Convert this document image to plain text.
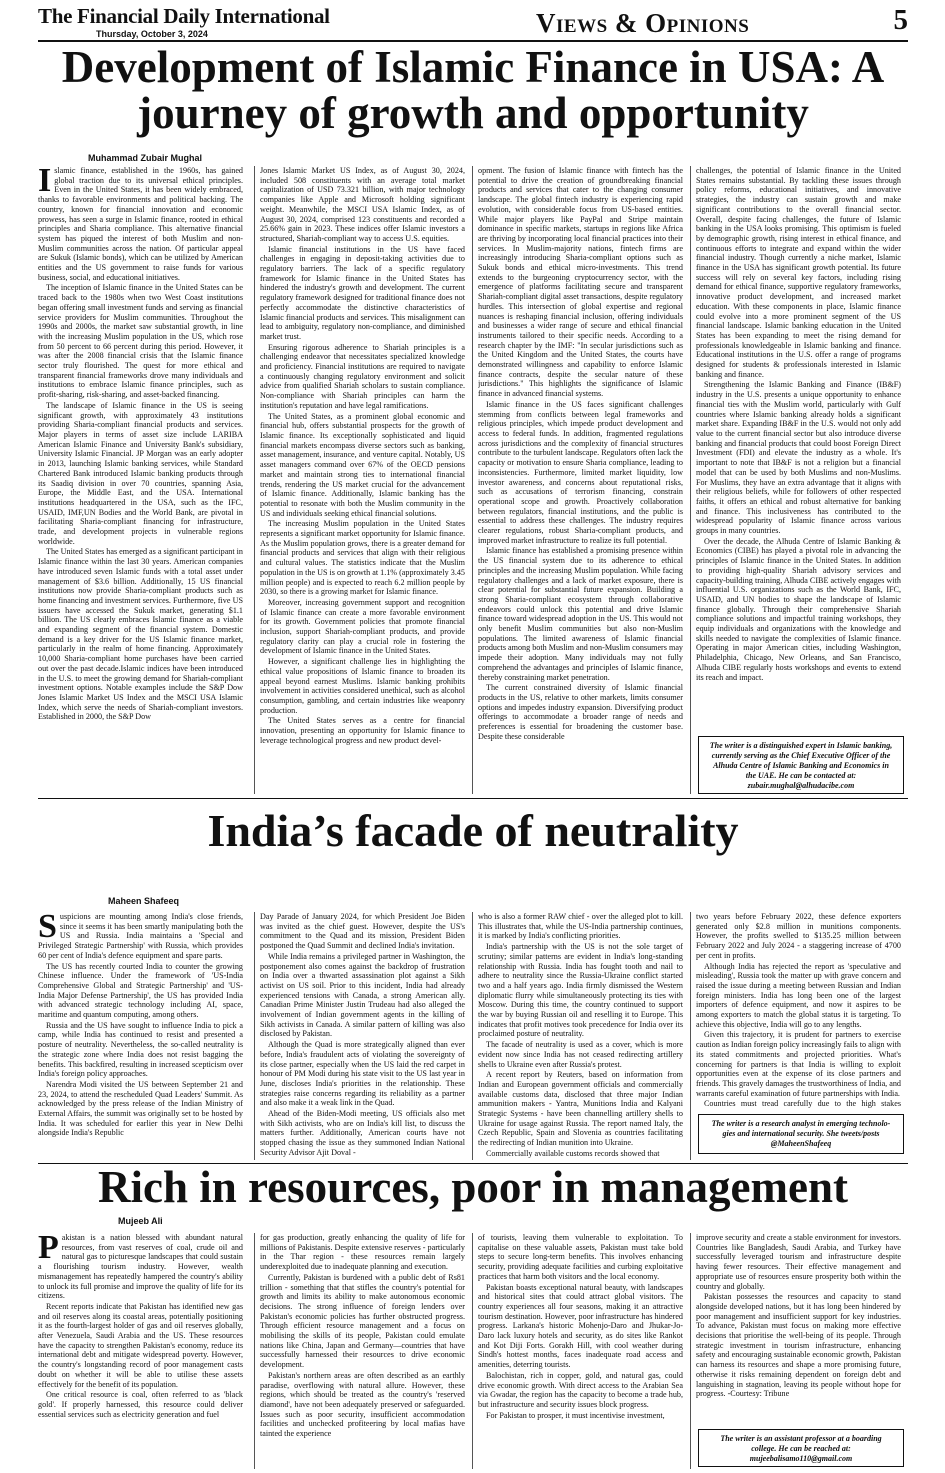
The Financial Daily International
Thursday, October 3, 2024	Views & Opinions	5
Development of Islamic Finance in USA: A
journey of growth and opportunity
Muhammad Zubair Mughal

Islamic finance, established in the 1960s, has gained global traction due to its universal ethical principles. Even in the United States, it has been widely embraced, thanks to favorable environments and political backing. The country, known for financial innovation and economic prowess, has seen a surge in Islamic finance, rooted in ethical principles and Sharia compliance. This alternative financial system has piqued the interest of both Muslim and non-Muslim communities across the nation. Of particular appeal are Sukuk (Islamic bonds), which can be utilized by American entities and the US government to raise funds for various business, social, and educational initiatives.

The inception of Islamic finance in the United States can be traced back to the 1980s when two West Coast institutions began offering small investment funds and serving as financial service providers for Muslim communities. Throughout the 1990s and 2000s, the market saw substantial growth, in line with the increasing Muslim population in the US, which rose from 50 percent to 66 percent during this period. However, it was after the 2008 financial crisis that the Islamic finance sector truly flourished. The quest for more ethical and transparent financial frameworks drove many individuals and institutions to embrace Islamic finance principles, such as profit-sharing, risk-sharing, and asset-backed financing.

The landscape of Islamic finance in the US is seeing significant growth, with approximately 43 institutions providing Sharia-compliant financial products and services. Major players in terms of asset size include LARIBA American Islamic Finance and University Bank's subsidiary, University Islamic Financial. JP Morgan was an early adopter in 2013, launching Islamic banking services, while Standard Chartered Bank introduced Islamic banking products through its Saadiq division in over 70 countries, spanning Asia, Europe, the Middle East, and the USA. International institutions headquartered in the USA, such as the IFC, USAID, IMF,UN Bodies and the World Bank, are pivotal in facilitating Sharia-compliant financing for infrastructure, trade, and development projects in vulnerable regions worldwide.

The United States has emerged as a significant participant in Islamic finance within the last 30 years. American companies have introduced seven Islamic funds with a total asset under management of $3.6 billion. Additionally, 15 US financial institutions now provide Sharia-compliant products such as home financing and investment services. Furthermore, five US issuers have accessed the Sukuk market, generating $1.1 billion. The US clearly embraces Islamic finance as a viable and expanding segment of the financial system. Domestic demand is a key driver for the US Islamic finance market, particularly in the realm of home financing. Approximately 10,000 Sharia-compliant home purchases have been carried out over the past decade.Islamic indices have been introduced in the U.S. to meet the growing demand for Shariah-compliant investment options. Notable examples include the S&P Dow Jones Islamic Market US Index and the MSCI USA Islamic Index, which serve the needs of Shariah-compliant investors. Established in 2000, the S&P Dow

Jones Islamic Market US Index, as of August 30, 2024, included 508 constituents with an average total market capitalization of USD 73.321 billion, with major technology companies like Apple and Microsoft holding significant weight. Meanwhile, the MSCI USA Islamic Index, as of August 30, 2024, comprised 123 constituents and recorded a 25.66% gain in 2023. These indices offer Islamic investors a structured, Shariah-compliant way to access U.S. equities.

Islamic financial institutions in the US have faced challenges in engaging in deposit-taking activities due to regulatory barriers. The lack of a specific regulatory framework for Islamic finance in the United States has hindered the industry's growth and development. The current regulatory framework designed for traditional finance does not perfectly accommodate the distinctive characteristics of Islamic financial products and services. This misalignment can lead to ambiguity, regulatory non-compliance, and diminished market trust.

Ensuring rigorous adherence to Shariah principles is a challenging endeavor that necessitates specialized knowledge and proficiency. Financial institutions are required to navigate a continuously changing regulatory environment and solicit advice from qualified Shariah scholars to sustain compliance. Non-compliance with Shariah principles can harm the institution's reputation and have legal ramifications.

The United States, as a prominent global economic and financial hub, offers substantial prospects for the growth of Islamic finance. Its exceptionally sophisticated and liquid financial markets encompass diverse sectors such as banking, asset management, insurance, and venture capital. Notably, US asset managers command over 67% of the OECD pensions market and maintain strong ties to international financial trends, rendering the US market crucial for the advancement of Islamic finance. Additionally, Islamic banking has the potential to resonate with both the Muslim community in the US and individuals seeking ethical financial solutions.

The increasing Muslim population in the United States represents a significant market opportunity for Islamic finance. As the Muslim population grows, there is a greater demand for financial products and services that align with their religious and cultural values. The statistics indicate that the Muslim population in the US is on growth at 1.1% (approximately 3.45 million people) and is expected to reach 6.2 million people by 2030, so there is a growing market for Islamic finance.

Moreover, increasing government support and recognition of Islamic finance can create a more favorable environment for its growth. Government policies that promote financial inclusion, support Shariah-compliant products, and provide regulatory clarity can play a crucial role in fostering the development of Islamic finance in the United States.

However, a significant challenge lies in highlighting the ethical value propositions of Islamic finance to broaden its appeal beyond earnest Muslims. Islamic banking prohibits involvement in activities considered unethical, such as alcohol consumption, gambling, and certain industries like weaponry production.

The United States serves as a centre for financial innovation, presenting an opportunity for Islamic finance to leverage technological progress and new product devel-

opment. The fusion of Islamic finance with fintech has the potential to drive the creation of groundbreaking financial products and services that cater to the changing consumer landscape. The global fintech industry is experiencing rapid evolution, with considerable focus from US-based entities. While major players like PayPal and Stripe maintain dominance in specific markets, startups in regions like Africa are thriving by incorporating local financial practices into their services. In Muslim-majority nations, fintech firms are increasingly introducing Sharia-compliant options such as Sukuk bonds and ethical micro-investments. This trend extends to the burgeoning cryptocurrency sector, with the emergence of platforms facilitating secure and transparent Shariah-compliant digital asset transactions, despite regulatory hurdles. This intersection of global expertise and regional nuances is reshaping financial inclusion, offering individuals and businesses a wider range of secure and ethical financial instruments tailored to their specific needs. According to a research chapter by the IMF: "In secular jurisdictions such as the United Kingdom and the United States, the courts have demonstrated willingness and capability to enforce Islamic finance contracts, despite the secular nature of these jurisdictions." This highlights the significance of Islamic finance in advanced financial systems.

Islamic finance in the US faces significant challenges stemming from conflicts between legal frameworks and religious principles, which impede product development and access to federal funds. In addition, fragmented regulations across jurisdictions and the complexity of financial structures contribute to the turbulent landscape. Regulators often lack the capacity or motivation to ensure Sharia compliance, leading to inconsistencies. Furthermore, limited market liquidity, low investor awareness, and concerns about reputational risks, such as accusations of terrorism financing, constrain operational scope and growth. Proactively collaboration between regulators, financial institutions, and the public is essential to address these challenges. The industry requires clearer regulations, robust Sharia-compliant products, and improved market infrastructure to realize its full potential.

Islamic finance has established a promising presence within the US financial system due to its adherence to ethical principles and the increasing Muslim population. While facing regulatory challenges and a lack of market exposure, there is clear potential for substantial future expansion. Building a strong Sharia-compliant ecosystem through collaborative endeavors could unlock this potential and drive Islamic finance toward widespread adoption in the US. This would not only benefit Muslim communities but also non-Muslim populations. The limited awareness of Islamic financial products among both Muslim and non-Muslim consumers may impede their adoption. Many individuals may not fully comprehend the advantages and principles of Islamic finance, thereby constraining market penetration.

The current constrained diversity of Islamic financial products in the US, relative to other markets, limits consumer options and impedes industry expansion. Diversifying product offerings to accommodate a broader range of needs and preferences is essential for broadening the customer base. Despite these considerable

challenges, the potential of Islamic finance in the United States remains substantial. By tackling these issues through policy reforms, educational initiatives, and innovative strategies, the industry can sustain growth and make significant contributions to the overall financial sector. Overall, despite facing challenges, the future of Islamic banking in the USA looks promising. This optimism is fueled by demographic growth, rising interest in ethical finance, and continuous efforts to integrate and expand within the wider financial industry. Though currently a niche market, Islamic finance in the USA has significant growth potential. Its future success will rely on several key factors, including rising demand for ethical finance, supportive regulatory frameworks, innovative product development, and increased market education. With these components in place, Islamic finance could evolve into a more prominent segment of the US financial landscape. Islamic banking education in the United States has been expanding to meet the rising demand for professionals knowledgeable in Islamic banking and finance. Educational institutions in the U.S. offer a range of programs designed for students & professionals interested in Islamic banking and finance.

Strengthening the Islamic Banking and Finance (IB&F) industry in the U.S. presents a unique opportunity to enhance financial ties with the Muslim world, particularly with Gulf countries where Islamic banking already holds a significant market share. Expanding IB&F in the U.S. would not only add value to the current financial sector but also introduce diverse banking and financial products that could boost Foreign Direct Investment (FDI) and elevate the industry as a whole. It's important to note that IB&F is not a religion but a financial model that can be used by both Muslims and non-Muslims. For Muslims, they have an extra advantage that it aligns with their religious beliefs, while for followers of other respected faiths, it offers an ethical and robust alternative for banking and finance. This inclusiveness has contributed to the widespread popularity of Islamic finance across various groups in many countries.

Over the decade, the Alhuda Centre of Islamic Banking & Economics (CIBE) has played a pivotal role in advancing the principles of Islamic finance in the United States. In addition to providing high-quality Shariah advisory services and capacity-building training, Alhuda CIBE actively engages with influential U.S. organizations such as the World Bank, IFC, USAID, and UN bodies to shape the landscape of Islamic finance globally. Through their comprehensive Shariah compliance solutions and impactful training workshops, they equip individuals and organizations with the knowledge and skills needed to navigate the complexities of Islamic finance. Operating in major American cities, including Washington, Philadelphia, Chicago, New Orleans, and San Francisco, Alhuda CIBE regularly hosts workshops and events to extend its reach and impact.

The writer is a distinguished expert in Islamic banking,
currently serving as the Chief Executive Officer of the
Alhuda Centre of Islamic Banking and Economics in
the UAE. He can be contacted at:
zubair.mughal@alhudacibe.com
India’s facade of neutrality
Maheen Shafeeq

Suspicions are mounting among India's close friends, since it seems it has been smartly manipulating both the US and Russia. India maintains a 'Special and Privileged Strategic Partnership' with Russia, which provides 60 per cent of India's defence equipment and spare parts.

The US has recently courted India to counter the growing Chinese influence. Under the framework of 'US-India Comprehensive Global and Strategic Partnership' and 'US-India Major Defense Partnership', the US has provided India with advanced strategic technology including AI, space, maritime and quantum computing, among others.

Russia and the US have sought to influence India to pick a camp, while India has continued to resist and presented a posture of neutrality. Nevertheless, the so-called neutrality is the strategic zone where India does not resist bagging the benefits. This backfired, resulting in increased scepticism over India's foreign policy approaches.

Narendra Modi visited the US between September 21 and 23, 2024, to attend the rescheduled Quad Leaders' Summit. As acknowledged by the press release of the Indian Ministry of External Affairs, the summit was originally set to be hosted by India. It was scheduled for earlier this year in New Delhi alongside India's Republic

Day Parade of January 2024, for which President Joe Biden was invited as the chief guest. However, despite the US's commitment to the Quad and its mission, President Biden postponed the Quad Summit and declined India's invitation.

While India remains a privileged partner in Washington, the postponement also comes against the backdrop of frustration on India over a thwarted assassination plot against a Sikh activist on US soil. Prior to this incident, India had already experienced tensions with Canada, a strong American ally. Canadian Prime Minister Justin Trudeau had also alleged the involvement of Indian government agents in the killing of Sikh activists in Canada. A similar pattern of killing was also disclosed by Pakistan.

Although the Quad is more strategically aligned than ever before, India's fraudulent acts of violating the sovereignty of its close partner, especially when the US laid the red carpet in honour of PM Modi during his state visit to the US last year in June, discloses India's priorities in the relationship. These strategies raise concerns regarding its reliability as a partner and also make it a weak link in the Quad.

Ahead of the Biden-Modi meeting, US officials also met with Sikh activists, who are on India's kill list, to discuss the matters further. Additionally, American courts have not stopped chasing the issue as they summoned Indian National Security Advisor Ajit Doval -

who is also a former RAW chief - over the alleged plot to kill. This illustrates that, while the US-India partnership continues, it is marked by India's conflicting priorities.

India's partnership with the US is not the sole target of scrutiny; similar patterns are evident in India's long-standing relationship with Russia. India has fought tooth and nail to adhere to neutrality since the Russia-Ukraine conflict started two and a half years ago. India firmly dismissed the Western diplomatic flurry while simultaneously protecting its ties with Moscow. During this time, the country continued to support the war by buying Russian oil and reselling it to Europe. This indicates that profit motives took precedence for India over its proclaimed posture of neutrality.

The facade of neutrality is used as a cover, which is more evident now since India has not ceased redirecting artillery shells to Ukraine even after Russia's protest.

A recent report by Reuters, based on information from Indian and European government officials and commercially available customs data, disclosed that three major Indian ammunition makers - Yantra, Munitions India and Kalyani Strategic Systems - have been channelling artillery shells to Ukraine for usage against Russia. The report named Italy, the Czech Republic, Spain and Slovenia as countries facilitating the redirecting of Indian munition into Ukraine.

Commercially available customs records showed that

two years before February 2022, these defence exporters generated only $2.8 million in munitions components. However, the profits swelled to $135.25 million between February 2022 and July 2024 - a staggering increase of 4700 per cent in profits.

Although India has rejected the report as 'speculative and misleading', Russia took the matter up with grave concern and raised the issue during a meeting between Russian and Indian foreign ministers. India has long been one of the largest importers of defence equipment, and now it aspires to be among exporters to match the global status it is targeting. To achieve this objective, India will go to any lengths.

Given this trajectory, it is prudent for partners to exercise caution as Indian foreign policy increasingly fails to align with its stated commitments and projected priorities. What's concerning for partners is that India is willing to exploit opportunities even at the expense of its close partners and friends. This gravely damages the trustworthiness of India, and warrants careful examination of future partnerships with India.

Countries must tread carefully due to the high stakes

The writer is a research analyst in emerging technolo-
gies and international security. She tweets/posts
@MaheenShafeeq
Rich in resources, poor in management
Mujeeb Ali

Pakistan is a nation blessed with abundant natural resources, from vast reserves of coal, crude oil and natural gas to picturesque landscapes that could sustain a flourishing tourism industry. However, wealth mismanagement has repeatedly hampered the country's ability to unlock its full promise and improve the quality of life for its citizens.

Recent reports indicate that Pakistan has identified new gas and oil reserves along its coastal areas, potentially positioning it as the fourth-largest holder of gas and oil reserves globally, after Venezuela, Saudi Arabia and the US. These resources have the capacity to strengthen Pakistan's economy, reduce its international debt and mitigate widespread poverty. However, the country's longstanding record of poor management casts doubt on whether it will be able to utilise these assets effectively for the benefit of its population.

One critical resource is coal, often referred to as 'black gold'. If properly harnessed, this resource could deliver essential services such as electricity generation and fuel

for gas production, greatly enhancing the quality of life for millions of Pakistanis. Despite extensive reserves - particularly in the Thar region - these resources remain largely underexploited due to inadequate planning and execution.

Currently, Pakistan is burdened with a public debt of Rs81 trillion - something that that stifles the country's potential for growth and limits its ability to make autonomous economic decisions. The strong influence of foreign lenders over Pakistan's economic policies has further obstructed progress. Through efficient resource management and a focus on mobilising the skills of its people, Pakistan could emulate nations like China, Japan and Germany—countries that have successfully harnessed their resources to drive economic development.

Pakistan's northern areas are often described as an earthly paradise, overflowing with natural allure. However, these regions, which should be treated as the country's 'reserved diamond', have not been adequately preserved or safeguarded. Issues such as poor security, insufficient accommodation facilities and unchecked profiteering by local mafias have tainted the experience

of tourists, leaving them vulnerable to exploitation. To capitalise on these valuable assets, Pakistan must take bold steps to secure long-term benefits. This involves enhancing security, providing adequate facilities and curbing exploitative practices that harm both visitors and the local economy.

Pakistan boasts exceptional natural beauty, with landscapes and historical sites that could attract global visitors. The country experiences all four seasons, making it an attractive tourism destination. However, poor infrastructure has hindered progress. Larkana's historic Mohenjo-Daro and Jhukar-Jo-Daro lack luxury hotels and security, as do sites like Rankot and Kot Diji Forts. Gorakh Hill, with cool weather during Sindh's hottest months, faces inadequate road access and amenities, deterring tourists.

Balochistan, rich in copper, gold, and natural gas, could drive economic growth. With direct access to the Arabian Sea via Gwadar, the region has the capacity to become a trade hub, but infrastructure and security issues block progress.

For Pakistan to prosper, it must incentivise investment,

improve security and create a stable environment for investors. Countries like Bangladesh, Saudi Arabia, and Turkey have successfully leveraged tourism and infrastructure despite having fewer resources. Their effective management and appropriate use of resources ensure prosperity both within the country and globally.

Pakistan possesses the resources and capacity to stand alongside developed nations, but it has long been hindered by poor management and insufficient support for key industries. To advance, Pakistan must focus on making more effective decisions that prioritise the well-being of its people. Through strategic investment in tourism infrastructure, enhancing safety and encouraging sustainable economic growth, Pakistan can harness its resources and shape a more promising future, otherwise it risks remaining dependent on foreign debt and languishing in stagnation, leaving its people without hope for progress. -Courtesy: Tribune

The writer is an assistant professor at a boarding
college. He can be reached at:
mujeebalisamo110@gmail.com
